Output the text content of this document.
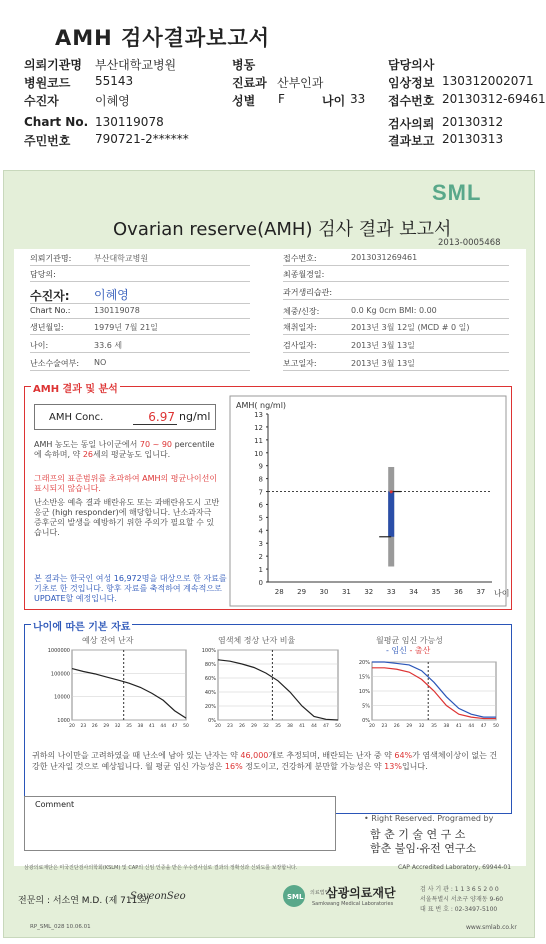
AMH 검사결과보고서
의뢰기관명 부산대학교병원
병원코드 55143
수진자	이혜영
Chart No. 130119078
주민번호 790721-2******
병동
진료과 산부인과
성별 F	나이 33
담당의사
임상정보 130312002071
접수번호 20130312-69461
검사의뢰 20130312
결과보고 20130313
SML
Ovarian reserve(AMH) 검사 결과 보고서
2013-0005468
의뢰기관명:	부산대학교병원
담당의:
수진자: 이혜영
Chart No.:	130119078
생년월일:	1979년 7월 21일
나이:	33.6 세
난소수술여부: NO
접수번호:	2013031269461
최종월경일:
과거생리습관:
체중/신장:	0.0 Kg 0cm BMI: 0.00
채취일자:	2013년 3월 12일 (MCD # 0 일)
검사일자:	2013년 3월 13일
보고일자:	2013년 3월 13일
AMH 결과 및 분석
AMH Conc.	6.97 ng/ml
AMH 농도는 동일 나이군에서 70 ~ 90 percentile에 속하며, 약 26세의 평균농도 입니다.
그래프의 표준범위를 초과하여 AMH의 평균나이선이 표시되지 않습니다.
난소반응 예측 결과 배란유도 또는 과배란유도시 고반응군 (high responder)에 해당합니다. 난소과자극 증후군의 발생을 예방하기 위한 주의가 필요할 수 있습니다.
본 결과는 한국인 여성 16,972명을 대상으로 한 자료를 기초로 한 것입니다. 향후 자료를 축적하여 계속적으로 UPDATE할 예정입니다.
AMH( ng/ml)
0
1
2
3
4
5
6
7
8
9
10
11
12
13
28 29 30 31 32 33 34 35 36 37 나이
나이에 따른 기본 자료
예상 잔여 난자	염색체 정상 난자 비율	월평균 임신 가능성
- 임신 - 출산
1000
10000
100000
1000000
20 23 26 29 32 35 38 41 44 47 50
0%
20%
40%
60%
80%
100%
20 23 26 29 32 35 38 41 44 47 50
0%
5%
10%
15%
20%
20 23 26 29 32 35 38 41 44 47 50
귀하의 나이만을 고려하였을 때 난소에 남아 있는 난자는 약 46,000개로 추정되며, 배란되는 난자 중 약 64%가 염색체이상이 없는 건강한 난자일 것으로 예상됩니다. 월 평균 임신 가능성은 16% 정도이고, 건강하게 분만할 가능성은 약 13%입니다.
Comment
• Right Reserved. Programed by
함 춘 기 술 연 구 소
함춘 불임·유전 연구소
삼광의료재단은 미국진단검사의학회(KSLM) 및 CAP의 신임 인증을 받은 우수검사실로 결과의 정확성과 신뢰도를 보장합니다.	CAP Accredited Laboratory, 69944-01
전문의 : 서소연 M.D. (제 711호)
SoyeonSeo	SML 의료법인
삼광의료재단
Samkwang Medical Laboratories
검 사 기 관 : 1 1 3 6 5 2 0 0
서울특별시 서초구 양재동 9-60
대 표 번 호 : 02-3497-5100
RP_SML_028 10.06.01	www.smlab.co.kr
